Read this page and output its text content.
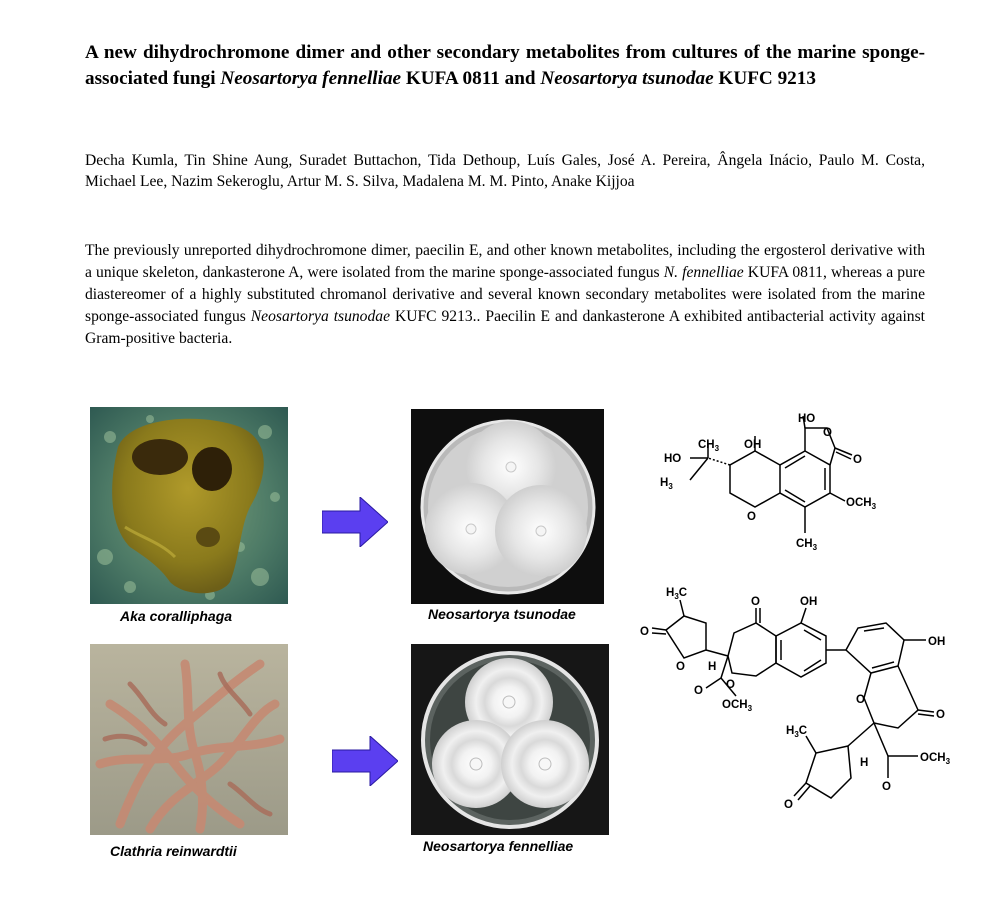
A new dihydrochromone dimer and other secondary metabolites from cultures of the marine sponge-associated fungi Neosartorya fennelliae KUFA 0811 and Neosartorya tsunodae KUFC 9213
Decha Kumla, Tin Shine Aung, Suradet Buttachon, Tida Dethoup, Luís Gales, José A. Pereira, Ângela Inácio, Paulo M. Costa, Michael Lee, Nazim Sekeroglu, Artur M. S. Silva, Madalena M. M. Pinto, Anake Kijjoa
The previously unreported dihydrochromone dimer, paecilin E, and other known metabolites, including the ergosterol derivative with a unique skeleton, dankasterone A, were isolated from the marine sponge-associated fungus N. fennelliae KUFA 0811, whereas a pure diastereomer of a highly substituted chromanol derivative and several known secondary metabolites were isolated from the marine sponge-associated fungus Neosartorya tsunodae KUFC 9213.. Paecilin E and dankasterone A exhibited antibacterial activity against Gram-positive bacteria.
Aka coralliphaga	Neosartorya tsunodae
Clathria reinwardtii	Neosartorya fennelliae
HO
$CH_3$ OH
HO
$H_3$
O
O
O
$OCH_3$
$CH_3$
$H_3C$
O
O H
O	OH
O
O
$OCH_3$
OH
O
O
$H_3C$
H
O
$OCH_3$
O
